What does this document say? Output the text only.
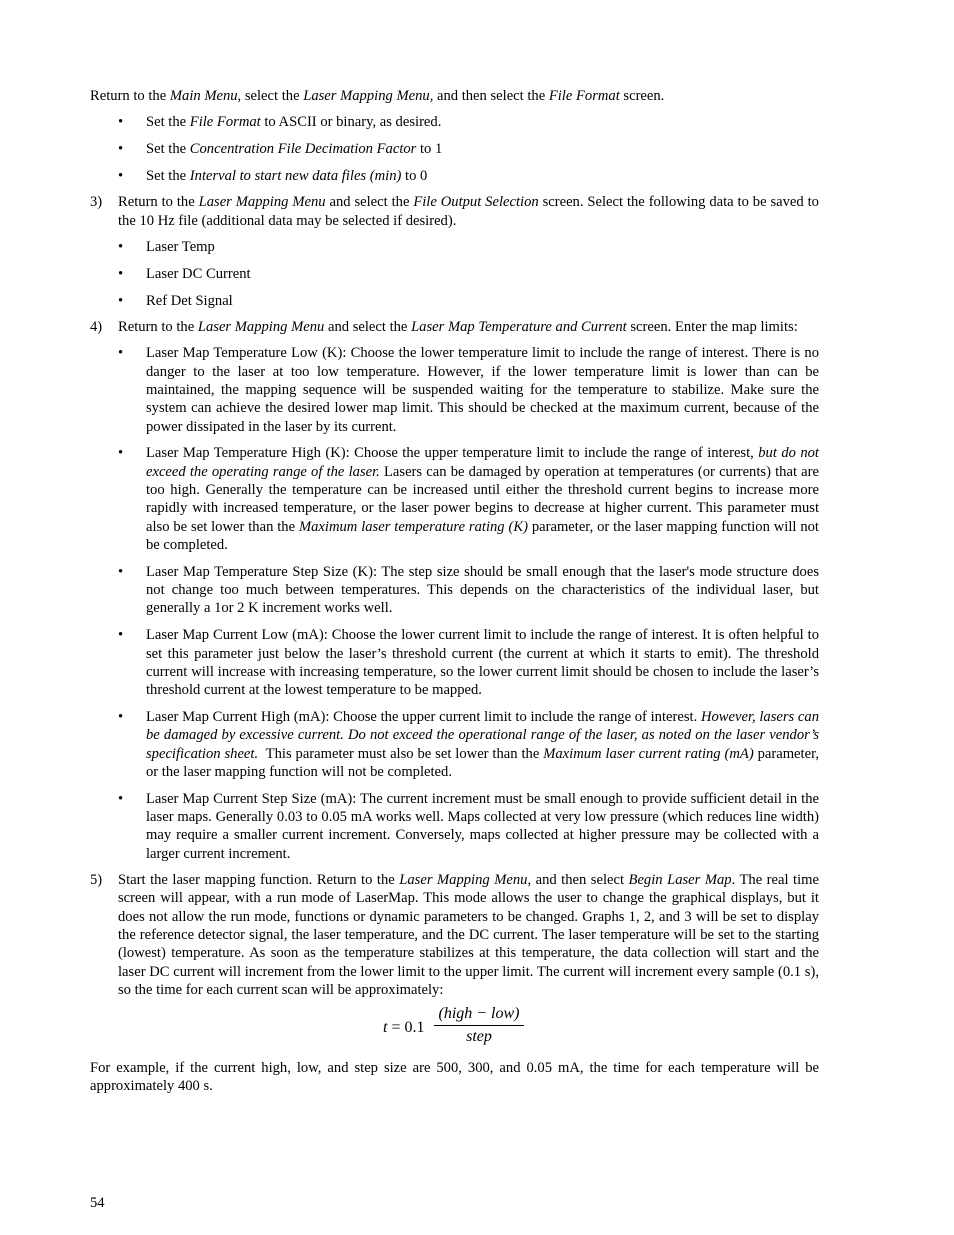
Return to the Main Menu, select the Laser Mapping Menu, and then select the File Format screen.

•	Set the File Format to ASCII or binary, as desired.
•	Set the Concentration File Decimation Factor to 1
•	Set the Interval to start new data files (min) to 0
3)	Return to the Laser Mapping Menu and select the File Output Selection screen. Select the following data to be saved to the 10 Hz file (additional data may be selected if desired).

•	Laser Temp
•	Laser DC Current
•	Ref Det Signal
4)	Return to the Laser Mapping Menu and select the Laser Map Temperature and Current screen. Enter the map limits:

•	Laser Map Temperature Low (K): Choose the lower temperature limit to include the range of interest. There is no danger to the laser at too low temperature. However, if the lower temperature limit is lower than can be maintained, the mapping sequence will be suspended waiting for the temperature to stabilize. Make sure the system can achieve the desired lower map limit. This should be checked at the maximum current, because of the power dissipated in the laser by its current.
•	Laser Map Temperature High (K): Choose the upper temperature limit to include the range of interest, but do not exceed the operating range of the laser. Lasers can be damaged by operation at temperatures (or currents) that are too high. Generally the temperature can be increased until either the threshold current begins to increase more rapidly with increased temperature, or the laser power begins to decrease at higher current. This parameter must also be set lower than the Maximum laser temperature rating (K) parameter, or the laser mapping function will not be completed.
•	Laser Map Temperature Step Size (K): The step size should be small enough that the laser's mode structure does not change too much between temperatures. This depends on the characteristics of the individual laser, but generally a 1or 2 K increment works well.
•	Laser Map Current Low (mA): Choose the lower current limit to include the range of interest. It is often helpful to set this parameter just below the laser’s threshold current (the current at which it starts to emit). The threshold current will increase with increasing temperature, so the lower current limit should be chosen to include the laser’s threshold current at the lowest temperature to be mapped.
•	Laser Map Current High (mA): Choose the upper current limit to include the range of interest. However, lasers can be damaged by excessive current. Do not exceed the operational range of the laser, as noted on the laser vendor’s specification sheet.  This parameter must also be set lower than the Maximum laser current rating (mA) parameter, or the laser mapping function will not be completed.
•	Laser Map Current Step Size (mA): The current increment must be small enough to provide sufficient detail in the laser maps. Generally 0.03 to 0.05 mA works well. Maps collected at very low pressure (which reduces line width) may require a smaller current increment. Conversely, maps collected at higher pressure may be collected with a larger current increment.
5)	Start the laser mapping function. Return to the Laser Mapping Menu, and then select Begin Laser Map. The real time screen will appear, with a run mode of LaserMap. This mode allows the user to change the graphical displays, but it does not allow the run mode, functions or dynamic parameters to be changed. Graphs 1, 2, and 3 will be set to display the reference detector signal, the laser temperature, and the DC current. The laser temperature will be set to the starting (lowest) temperature. As soon as the temperature stabilizes at this temperature, the data collection will start and the laser DC current will increment from the lower limit to the upper limit. The current will increment every sample (0.1 s), so the time for each current scan will be approximately:

t = 0.1
(high − low)
step

For example, if the current high, low, and step size are 500, 300, and 0.05 mA, the time for each temperature will be approximately 400 s.

54
